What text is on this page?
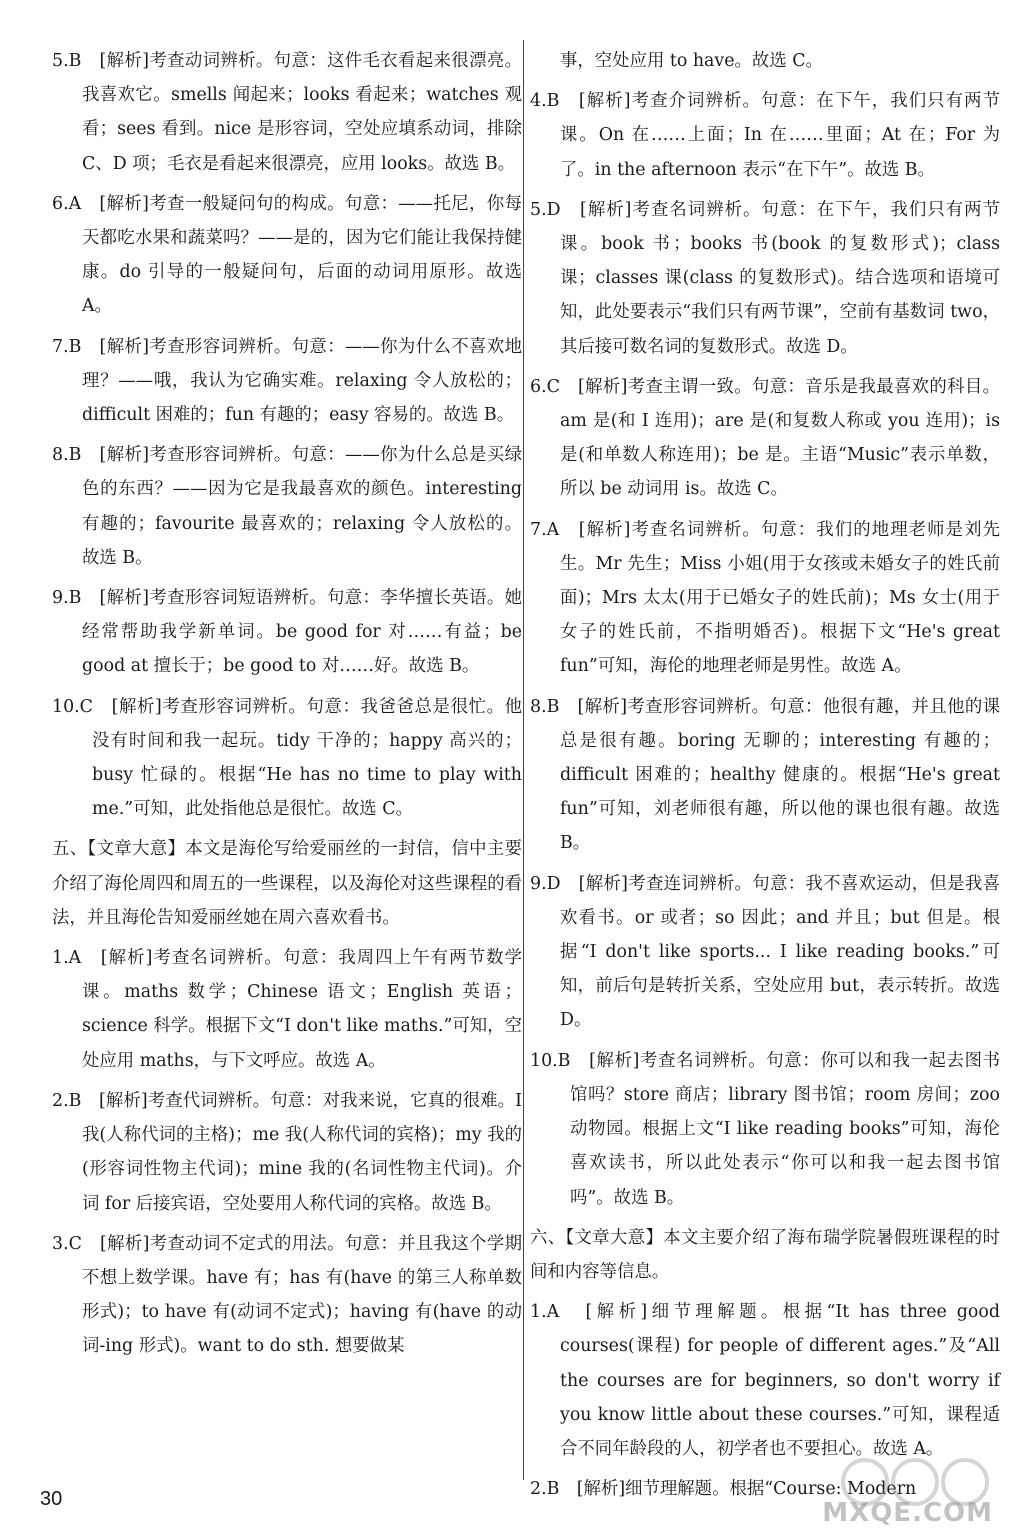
5.B　[解析]考查动词辨析。句意：这件毛衣看起来很漂亮。我喜欢它。smells 闻起来；looks 看起来；watches 观看；sees 看到。nice 是形容词，空处应填系动词，排除 C、D 项；毛衣是看起来很漂亮，应用 looks。故选 B。

6.A　[解析]考查一般疑问句的构成。句意：——托尼，你每天都吃水果和蔬菜吗？——是的，因为它们能让我保持健康。do 引导的一般疑问句，后面的动词用原形。故选 A。

7.B　[解析]考查形容词辨析。句意：——你为什么不喜欢地理？——哦，我认为它确实难。relaxing 令人放松的；difficult 困难的；fun 有趣的；easy 容易的。故选 B。

8.B　[解析]考查形容词辨析。句意：——你为什么总是买绿色的东西？——因为它是我最喜欢的颜色。interesting 有趣的；favourite 最喜欢的；relaxing 令人放松的。故选 B。

9.B　[解析]考查形容词短语辨析。句意：李华擅长英语。她经常帮助我学新单词。be good for 对……有益；be good at 擅长于；be good to 对……好。故选 B。

10.C　[解析]考查形容词辨析。句意：我爸爸总是很忙。他没有时间和我一起玩。tidy 干净的；happy 高兴的；busy 忙碌的。根据“He has no time to play with me.”可知，此处指他总是很忙。故选 C。

五、【文章大意】本文是海伦写给爱丽丝的一封信，信中主要介绍了海伦周四和周五的一些课程，以及海伦对这些课程的看法，并且海伦告知爱丽丝她在周六喜欢看书。

1.A　[解析]考查名词辨析。句意：我周四上午有两节数学课。maths 数学；Chinese 语文；English 英语；science 科学。根据下文“I don't like maths.”可知，空处应用 maths，与下文呼应。故选 A。

2.B　[解析]考查代词辨析。句意：对我来说，它真的很难。I 我(人称代词的主格)；me 我(人称代词的宾格)；my 我的(形容词性物主代词)；mine 我的(名词性物主代词)。介词 for 后接宾语，空处要用人称代词的宾格。故选 B。

3.C　[解析]考查动词不定式的用法。句意：并且我这个学期不想上数学课。have 有；has 有(have 的第三人称单数形式)；to have 有(动词不定式)；having 有(have 的动词-ing 形式)。want to do sth. 想要做某

事，空处应用 to have。故选 C。

4.B　[解析]考查介词辨析。句意：在下午，我们只有两节课。On 在……上面；In 在……里面；At 在；For 为了。in the afternoon 表示“在下午”。故选 B。

5.D　[解析]考查名词辨析。句意：在下午，我们只有两节课。book 书；books 书(book 的复数形式)；class 课；classes 课(class 的复数形式)。结合选项和语境可知，此处要表示“我们只有两节课”，空前有基数词 two，其后接可数名词的复数形式。故选 D。

6.C　[解析]考查主谓一致。句意：音乐是我最喜欢的科目。am 是(和 I 连用)；are 是(和复数人称或 you 连用)；is 是(和单数人称连用)；be 是。主语“Music”表示单数，所以 be 动词用 is。故选 C。

7.A　[解析]考查名词辨析。句意：我们的地理老师是刘先生。Mr 先生；Miss 小姐(用于女孩或未婚女子的姓氏前面)；Mrs 太太(用于已婚女子的姓氏前)；Ms 女士(用于女子的姓氏前，不指明婚否)。根据下文“He's great fun”可知，海伦的地理老师是男性。故选 A。

8.B　[解析]考查形容词辨析。句意：他很有趣，并且他的课总是很有趣。boring 无聊的；interesting 有趣的；difficult 困难的；healthy 健康的。根据“He's great fun”可知，刘老师很有趣，所以他的课也很有趣。故选 B。

9.D　[解析]考查连词辨析。句意：我不喜欢运动，但是我喜欢看书。or 或者；so 因此；and 并且；but 但是。根据“I don't like sports... I like reading books.”可知，前后句是转折关系，空处应用 but，表示转折。故选 D。

10.B　[解析]考查名词辨析。句意：你可以和我一起去图书馆吗？store 商店；library 图书馆；room 房间；zoo 动物园。根据上文“I like reading books”可知，海伦喜欢读书，所以此处表示“你可以和我一起去图书馆吗”。故选 B。

六、【文章大意】本文主要介绍了海布瑞学院暑假班课程的时间和内容等信息。

1.A　[解析]细节理解题。根据“It has three good courses(课程) for people of different ages.”及“All the courses are for beginners, so don't worry if you know little about these courses.”可知，课程适合不同年龄段的人，初学者也不要担心。故选 A。

2.B　[解析]细节理解题。根据“Course: Modern

30	MXQE.COM
